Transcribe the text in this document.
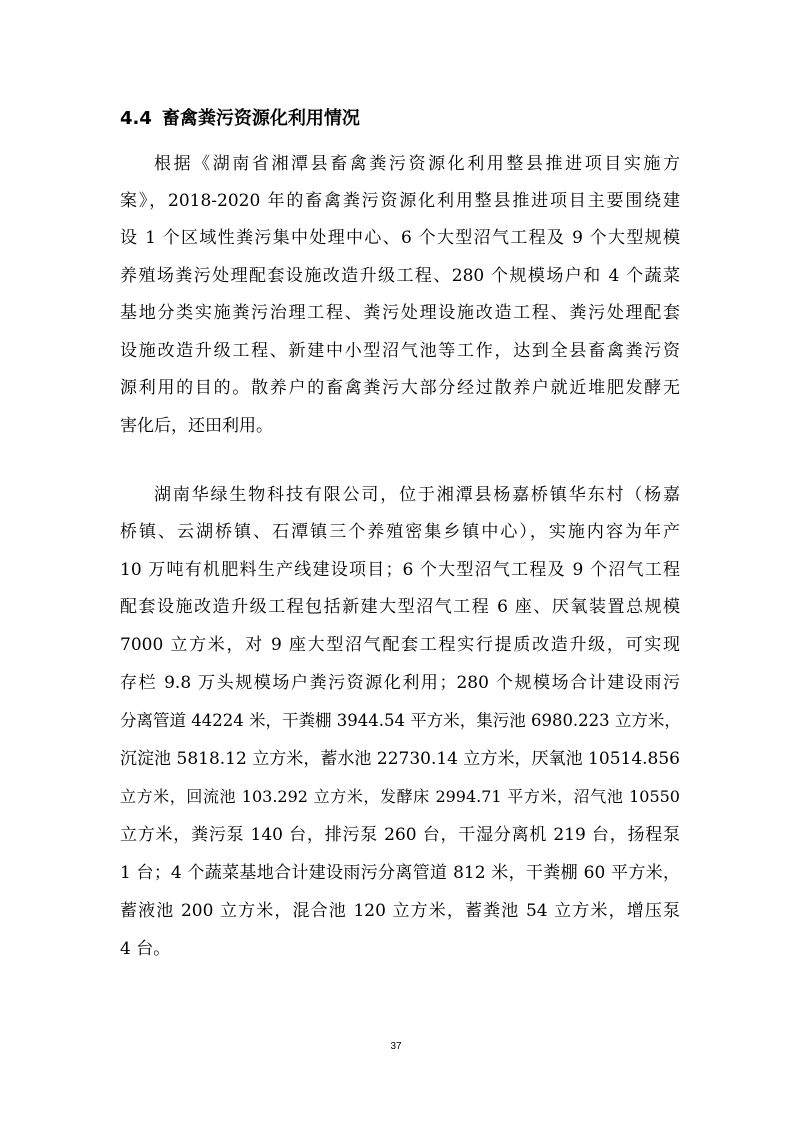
4.4 畜禽粪污资源化利用情况
根据《湖南省湘潭县畜禽粪污资源化利用整县推进项目实施方
案》，2018-2020 年的畜禽粪污资源化利用整县推进项目主要围绕建
设 1 个区域性粪污集中处理中心、6 个大型沼气工程及 9 个大型规模
养殖场粪污处理配套设施改造升级工程、280 个规模场户和 4 个蔬菜
基地分类实施粪污治理工程、粪污处理设施改造工程、粪污处理配套
设施改造升级工程、新建中小型沼气池等工作，达到全县畜禽粪污资
源利用的目的。散养户的畜禽粪污大部分经过散养户就近堆肥发酵无
害化后，还田利用。
湖南华绿生物科技有限公司，位于湘潭县杨嘉桥镇华东村（杨嘉
桥镇、云湖桥镇、石潭镇三个养殖密集乡镇中心），实施内容为年产
10 万吨有机肥料生产线建设项目；6 个大型沼气工程及 9 个沼气工程
配套设施改造升级工程包括新建大型沼气工程 6 座、厌氧装置总规模
7000 立方米，对 9 座大型沼气配套工程实行提质改造升级，可实现
存栏 9.8 万头规模场户粪污资源化利用；280 个规模场合计建设雨污
分离管道 44224 米，干粪棚 3944.54 平方米，集污池 6980.223 立方米，
沉淀池 5818.12 立方米，蓄水池 22730.14 立方米，厌氧池 10514.856
立方米，回流池 103.292 立方米，发酵床 2994.71 平方米，沼气池 10550
立方米，粪污泵 140 台，排污泵 260 台，干湿分离机 219 台，扬程泵
1 台；4 个蔬菜基地合计建设雨污分离管道 812 米，干粪棚 60 平方米，
蓄液池 200 立方米，混合池 120 立方米，蓄粪池 54 立方米，增压泵
4 台。
37
